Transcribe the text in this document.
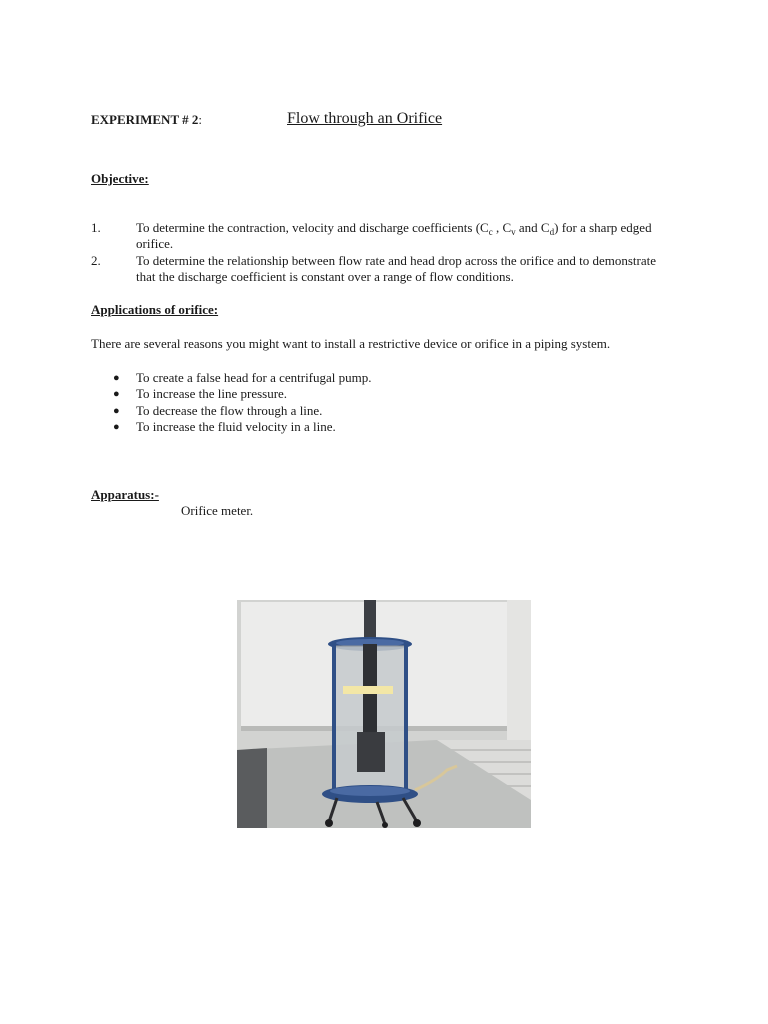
EXPERIMENT # 2:	Flow through an Orifice
Objective:
1.	To determine the contraction, velocity and discharge coefficients ($C_c$ , $C_v$ and $C_d$) for a sharp edged
orifice.
2.	To determine the relationship between flow rate and head drop across the orifice and to demonstrate
that the discharge coefficient is constant over a range of flow conditions.
Applications of orifice:
There are several reasons you might want to install a restrictive device or orifice in a piping system.
● To create a false head for a centrifugal pump.
● To increase the line pressure.
● To decrease the flow through a line.
● To increase the fluid velocity in a line.
Apparatus:-
Orifice meter.
